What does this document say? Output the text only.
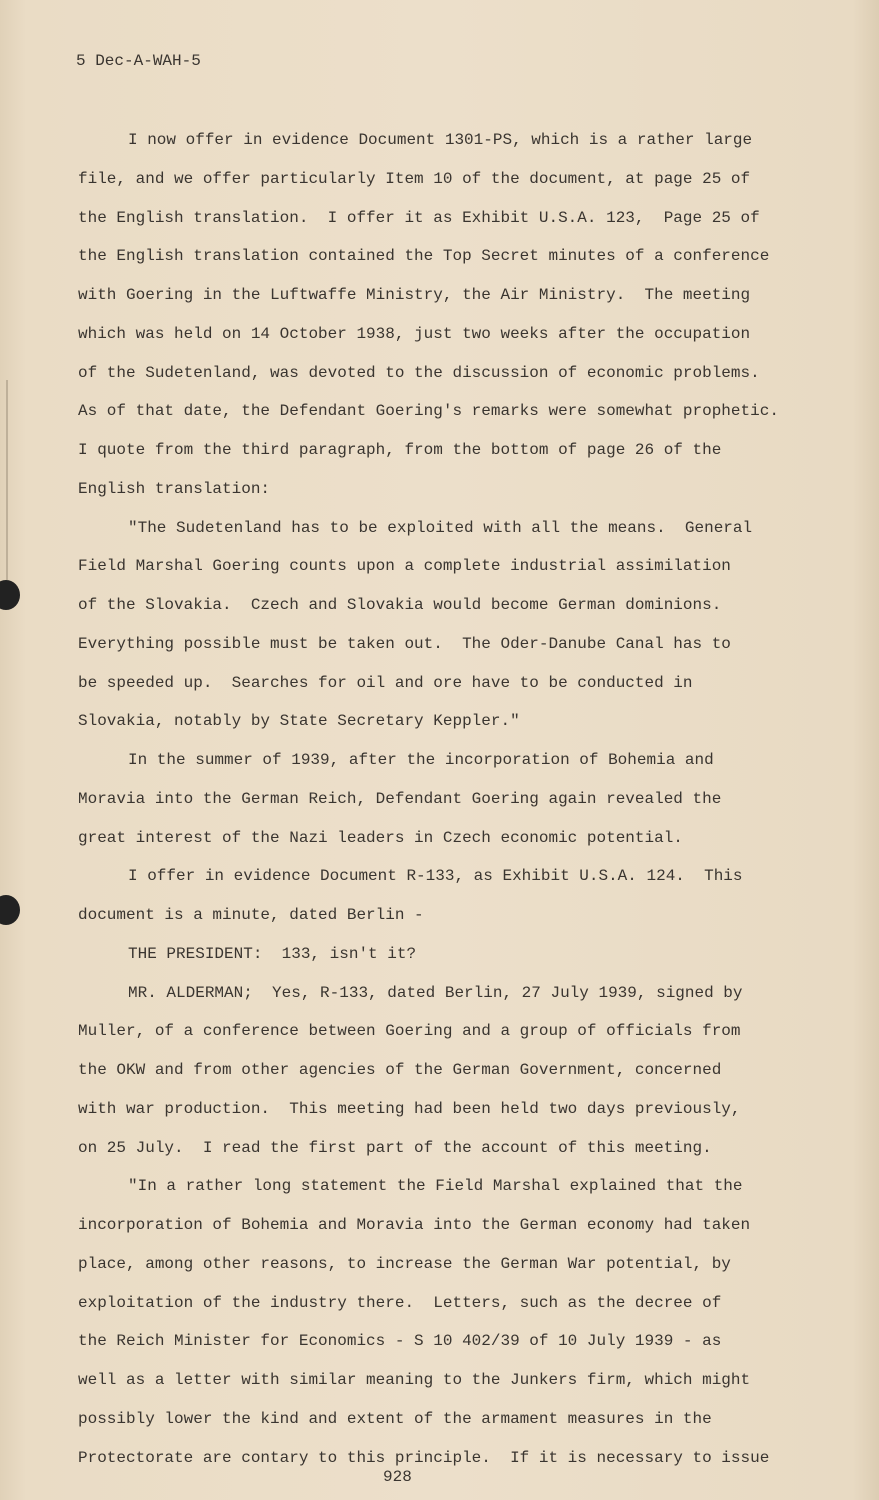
5 Dec-A-WAH-5
I now offer in evidence Document 1301-PS, which is a rather large
file, and we offer particularly Item 10 of the document, at page 25 of
the English translation.  I offer it as Exhibit U.S.A. 123,  Page 25 of
the English translation contained the Top Secret minutes of a conference
with Goering in the Luftwaffe Ministry, the Air Ministry.  The meeting
which was held on 14 October 1938, just two weeks after the occupation
of the Sudetenland, was devoted to the discussion of economic problems.
As of that date, the Defendant Goering's remarks were somewhat prophetic.
I quote from the third paragraph, from the bottom of page 26 of the
English translation:
"The Sudetenland has to be exploited with all the means.  General
Field Marshal Goering counts upon a complete industrial assimilation
of the Slovakia.  Czech and Slovakia would become German dominions.
Everything possible must be taken out.  The Oder-Danube Canal has to
be speeded up.  Searches for oil and ore have to be conducted in
Slovakia, notably by State Secretary Keppler."
In the summer of 1939, after the incorporation of Bohemia and
Moravia into the German Reich, Defendant Goering again revealed the
great interest of the Nazi leaders in Czech economic potential.
I offer in evidence Document R-133, as Exhibit U.S.A. 124.  This
document is a minute, dated Berlin -
THE PRESIDENT:  133, isn't it?
MR. ALDERMAN;  Yes, R-133, dated Berlin, 27 July 1939, signed by
Muller, of a conference between Goering and a group of officials from
the OKW and from other agencies of the German Government, concerned
with war production.  This meeting had been held two days previously,
on 25 July.  I read the first part of the account of this meeting.
"In a rather long statement the Field Marshal explained that the
incorporation of Bohemia and Moravia into the German economy had taken
place, among other reasons, to increase the German War potential, by
exploitation of the industry there.  Letters, such as the decree of
the Reich Minister for Economics - S 10 402/39 of 10 July 1939 - as
well as a letter with similar meaning to the Junkers firm, which might
possibly lower the kind and extent of the armament measures in the
Protectorate are contary to this principle.  If it is necessary to issue
928
